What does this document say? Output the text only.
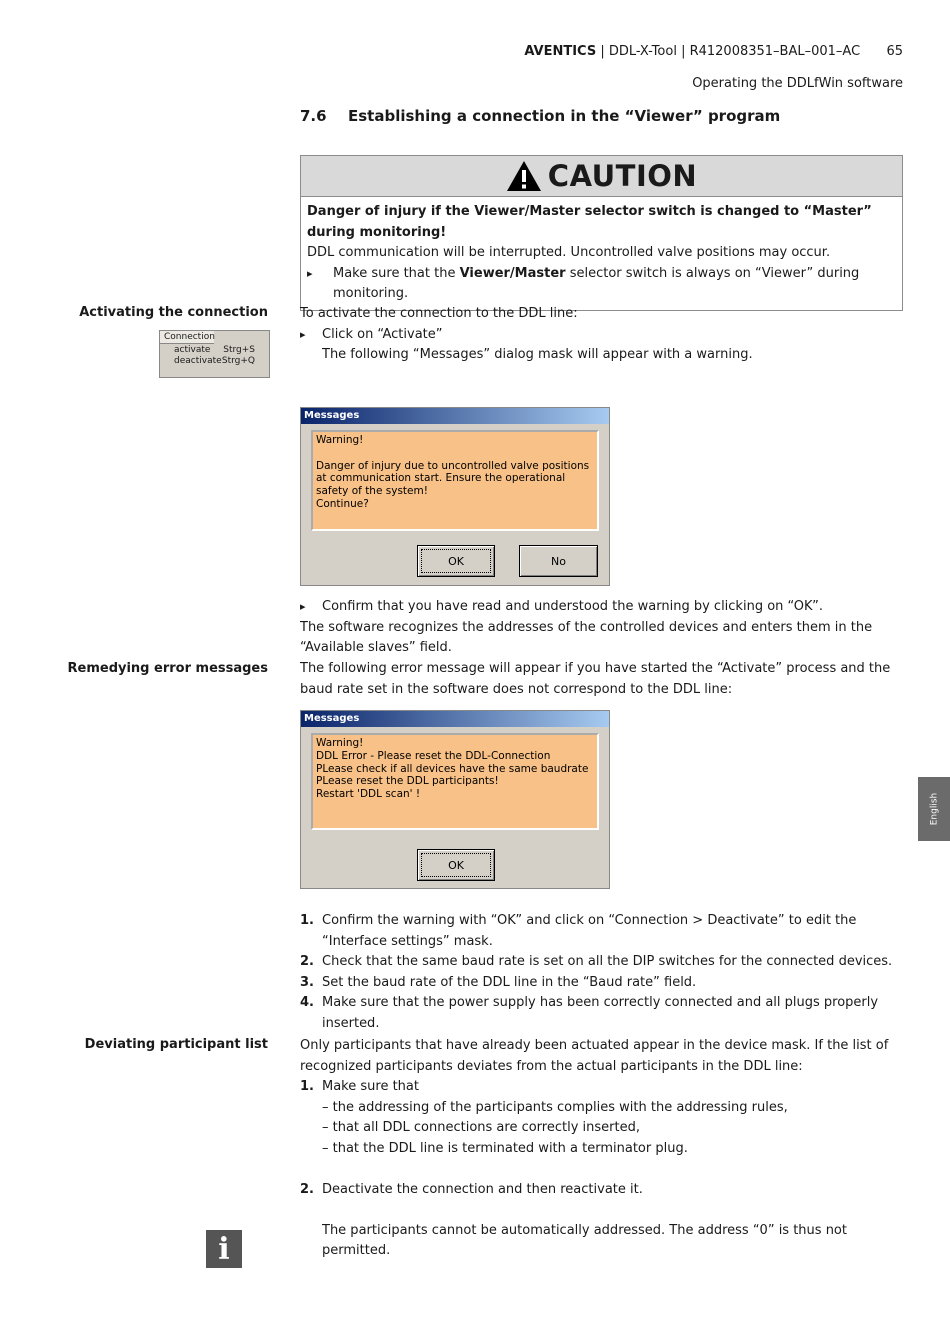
AVENTICS | DDL-X-Tool | R412008351–BAL–001–AC 65
Operating the DDLfWin software
7.6 Establishing a connection in the “Viewer” program
CAUTION
Danger of injury if the Viewer/Master selector switch is changed to “Master” during monitoring!
DDL communication will be interrupted. Uncontrolled valve positions may occur.
▸ Make sure that the Viewer/Master selector switch is always on “Viewer” during monitoring.
Activating the connection
Connection
activate Strg+S
deactivate Strg+Q
To activate the connection to the DDL line:
▸ Click on “Activate”
The following “Messages” dialog mask will appear with a warning.
Messages
Warning!
Danger of injury due to uncontrolled valve positions at communication start. Ensure the operational safety of the system!
Continue?
OK	No
▸ Confirm that you have read and understood the warning by clicking on “OK”.
The software recognizes the addresses of the controlled devices and enters them in the “Available slaves” field.
Remedying error messages The following error message will appear if you have started the “Activate” process and the baud rate set in the software does not correspond to the DDL line:
Messages
Warning!
DDL Error - Please reset the DDL-Connection
PLease check if all devices have the same baudrate
PLease reset the DDL participants!
Restart 'DDL scan' !
OK
1. Confirm the warning with “OK” and click on “Connection > Deactivate” to edit the “Interface settings” mask.
2. Check that the same baud rate is set on all the DIP switches for the connected devices.
3. Set the baud rate of the DDL line in the “Baud rate” field.
4. Make sure that the power supply has been correctly connected and all plugs properly inserted.
English
Deviating participant list Only participants that have already been actuated appear in the device mask. If the list of recognized participants deviates from the actual participants in the DDL line:
1. Make sure that
– the addressing of the participants complies with the addressing rules,
– that all DDL connections are correctly inserted,
– that the DDL line is terminated with a terminator plug.
2. Deactivate the connection and then reactivate it.
The participants cannot be automatically addressed. The address “0” is thus not permitted.
i
